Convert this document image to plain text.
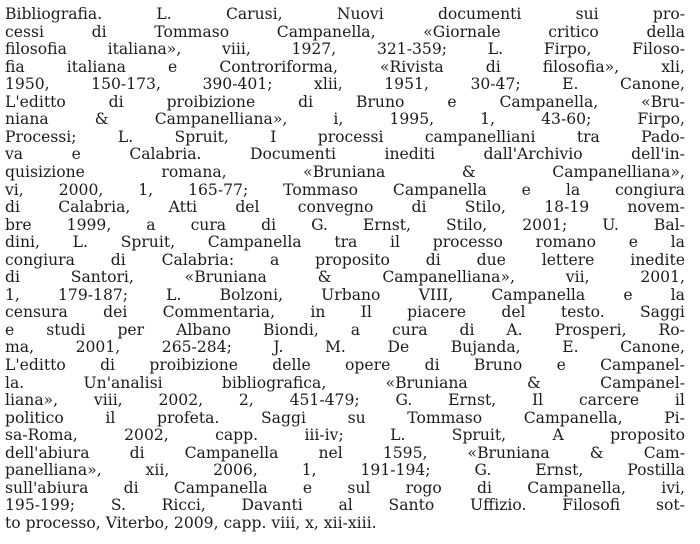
Bibliografia.	L.	Carusi,	Nuovi	documenti	sui	pro-
cessi	di	Tommaso	Campanella,	«Giornale	critico	della
filosofia	italiana»,	viii,	1927,	321-359;	L.	Firpo,	Filoso-
fia	italiana	e	Controriforma,	«Rivista	di	filosofia»,	xli,
1950,	150-173,	390-401;	xlii,	1951,	30-47;	E.	Canone,
L'editto	di	proibizione	di	Bruno	e	Campanella,	«Bru-
niana	&	Campanelliana»,	i,	1995,	1,	43-60;	Firpo,
Processi;	L.	Spruit,	I	processi	campanelliani	tra	Pado-
va	e	Calabria.	Documenti	inediti	dall'Archivio	dell'in-
quisizione	romana,	«Bruniana	&	Campanelliana»,
vi, 2000, 1, 165-77; Tommaso Campanella e la congiura
di Calabria, Atti del convegno di Stilo, 18-19 novem-
bre 1999, a cura di G. Ernst, Stilo, 2001; U. Bal-
dini, L. Spruit, Campanella tra il processo romano e la
congiura di Calabria: a proposito di due lettere inedite
di	Santori,	«Bruniana	&	Campanelliana»,	vii,	2001,
1, 179-187; L. Bolzoni, Urbano VIII, Campanella e la
censura dei Commentaria, in Il piacere del testo. Saggi
e studi per Albano Biondi, a cura di A. Prosperi, Ro-
ma,	2001,	265-284;	J.	M.	De	Bujanda,	E.	Canone,
L'editto di proibizione delle opere di Bruno e Campanel-
la.	Un'analisi	bibliografica,	«Bruniana	&	Campanel-
liana», viii, 2002, 2, 451-479; G. Ernst, Il carcere il
politico	il	profeta.	Saggi	su	Tommaso	Campanella,	Pi-
sa-Roma,	2002,	capp.	iii-iv;	L.	Spruit,	A	proposito
dell'abiura	di	Campanella	nel	1595,	«Bruniana	&	Cam-
panelliana»,	xii,	2006,	1,	191-194;	G.	Ernst,	Postilla
sull'abiura di Campanella e sul rogo di Campanella, ivi,
195-199; S. Ricci, Davanti al Santo Uffizio. Filosofi sot-
to processo, Viterbo, 2009, capp. viii, x, xii-xiii.
